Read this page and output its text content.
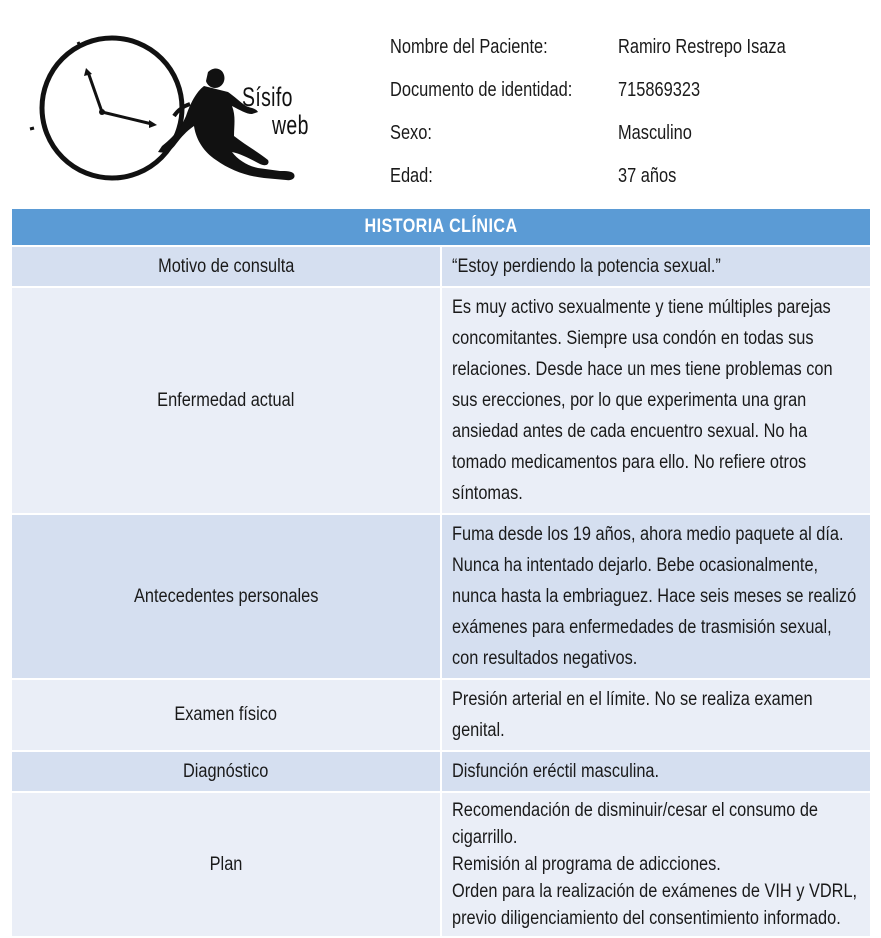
Sísifo
web
Nombre del Paciente:	Ramiro Restrepo Isaza
Documento de identidad: 715869323
Sexo:	Masculino
Edad:	37 años
HISTORIA CLÍNICA	
Motivo de consulta	“Estoy perdiendo la potencia sexual.”

Enfermedad actual	Es muy activo sexualmente y tiene múltiples parejas concomitantes. Siempre usa condón en todas sus relaciones. Desde hace un mes tiene problemas con sus erecciones, por lo que experimenta una gran ansiedad antes de cada encuentro sexual. No ha tomado medicamentos para ello. No refiere otros síntomas.

Antecedentes personales	Fuma desde los 19 años, ahora medio paquete al día. Nunca ha intentado dejarlo. Bebe ocasionalmente, nunca hasta la embriaguez. Hace seis meses se realizó exámenes para enfermedades de trasmisión sexual, con resultados negativos.

Examen físico	Presión arterial en el límite. No se realiza examen genital.

Diagnóstico	Disfunción eréctil masculina.

Plan	Recomendación de disminuir/cesar el consumo de cigarrillo.
Remisión al programa de adicciones.
Orden para la realización de exámenes de VIH y VDRL, previo diligenciamiento del consentimiento informado.
